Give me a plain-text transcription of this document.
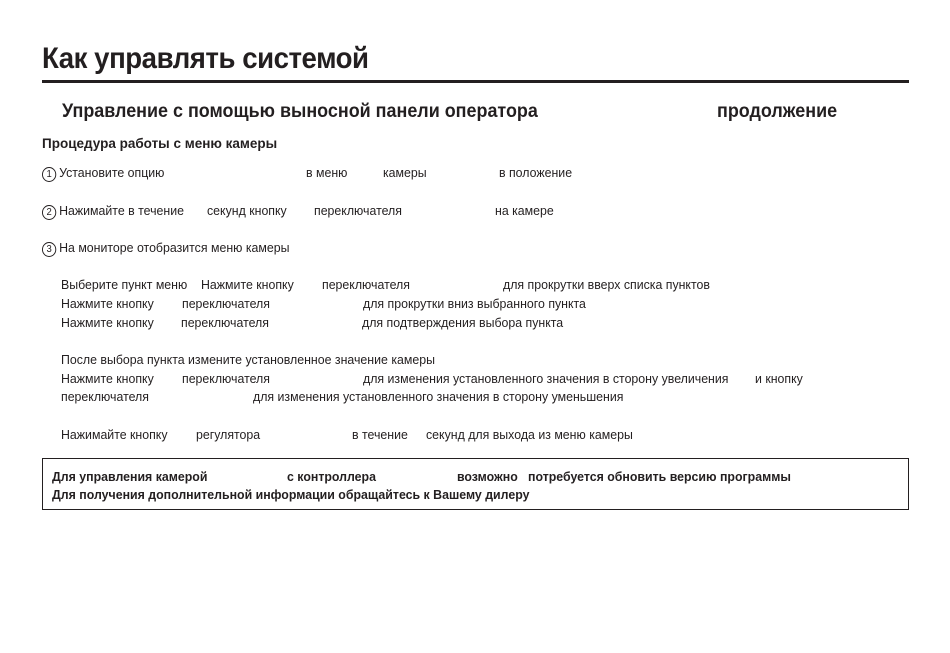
Как управлять системой
Управление с помощью выносной панели оператора	продолжение
Процедура работы с меню камеры
1 Установите опцию	в меню	камеры	в положение
2 Нажимайте в течение секунд кнопку переключателя	на камере
3 На мониторе отобразится меню камеры
Выберите пункт меню Нажмите кнопку переключателя	для прокрутки вверх списка пунктов
Нажмите кнопку переключателя	для прокрутки вниз выбранного пункта
Нажмите кнопку переключателя	для подтверждения выбора пункта
После выбора пункта измените установленное значение камеры
Нажмите кнопку переключателя	для изменения установленного значения в сторону увеличения и кнопку
переключателя	для изменения установленного значения в сторону уменьшения
Нажимайте кнопку регулятора	в течение секунд для выхода из меню камеры
Для управления камерой	с контроллера	возможно потребуется обновить версию программы
Для получения дополнительной информации обращайтесь к Вашему дилеру
